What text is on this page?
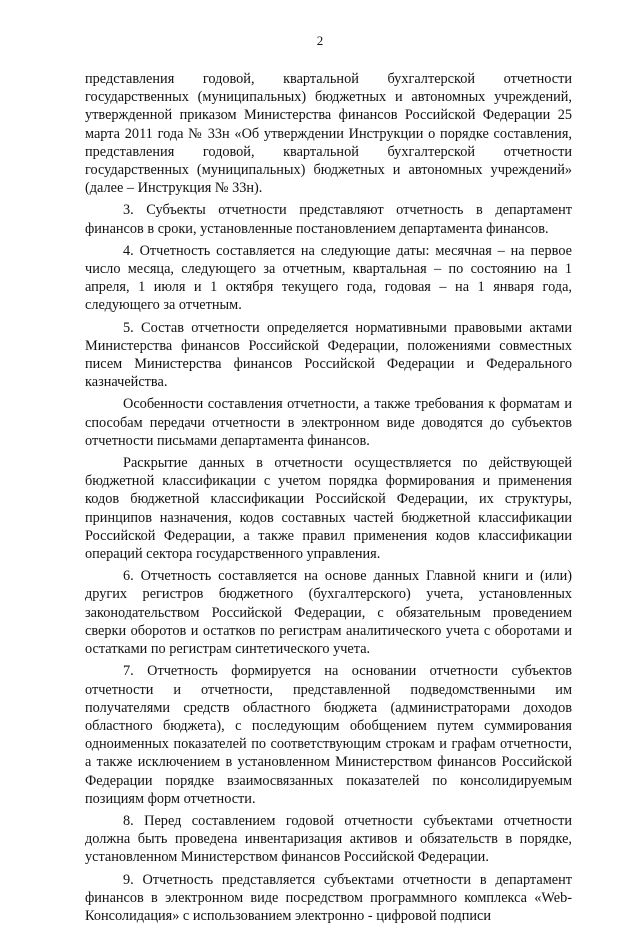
2

представления годовой, квартальной бухгалтерской отчетности государственных (муниципальных) бюджетных и автономных учреждений, утвержденной приказом Министерства финансов Российской Федерации 25 марта 2011 года № 33н «Об утверждении Инструкции о порядке составления, представления годовой, квартальной бухгалтерской отчетности государственных (муниципальных) бюджетных и автономных учреждений» (далее – Инструкция № 33н).

3. Субъекты отчетности представляют отчетность в департамент финансов в сроки, установленные постановлением департамента финансов.

4. Отчетность составляется на следующие даты: месячная – на первое число месяца, следующего за отчетным, квартальная – по состоянию на 1 апреля, 1 июля и 1 октября текущего года, годовая – на 1 января года, следующего за отчетным.

5. Состав отчетности определяется нормативными правовыми актами Министерства финансов Российской Федерации, положениями совместных писем Министерства финансов Российской Федерации и Федерального казначейства.

Особенности составления отчетности, а также требования к форматам и способам передачи отчетности в электронном виде доводятся до субъектов отчетности письмами департамента финансов.

Раскрытие данных в отчетности осуществляется по действующей бюджетной классификации с учетом порядка формирования и применения кодов бюджетной классификации Российской Федерации, их структуры, принципов назначения, кодов составных частей бюджетной классификации Российской Федерации, а также правил применения кодов классификации операций сектора государственного управления.

6. Отчетность составляется на основе данных Главной книги и (или) других регистров бюджетного (бухгалтерского) учета, установленных законодательством Российской Федерации, с обязательным проведением сверки оборотов и остатков по регистрам аналитического учета с оборотами и остатками по регистрам синтетического учета.

7. Отчетность формируется на основании отчетности субъектов отчетности и отчетности, представленной подведомственными им получателями средств областного бюджета (администраторами доходов областного бюджета), с последующим обобщением путем суммирования одноименных показателей по соответствующим строкам и графам отчетности, а также исключением в установленном Министерством финансов Российской Федерации порядке взаимосвязанных показателей по консолидируемым позициям форм отчетности.

8. Перед составлением годовой отчетности субъектами отчетности должна быть проведена инвентаризация активов и обязательств в порядке, установленном Министерством финансов Российской Федерации.

9. Отчетность представляется субъектами отчетности в департамент финансов в электронном виде посредством программного комплекса «Web-Консолидация» с использованием электронно - цифровой подписи
